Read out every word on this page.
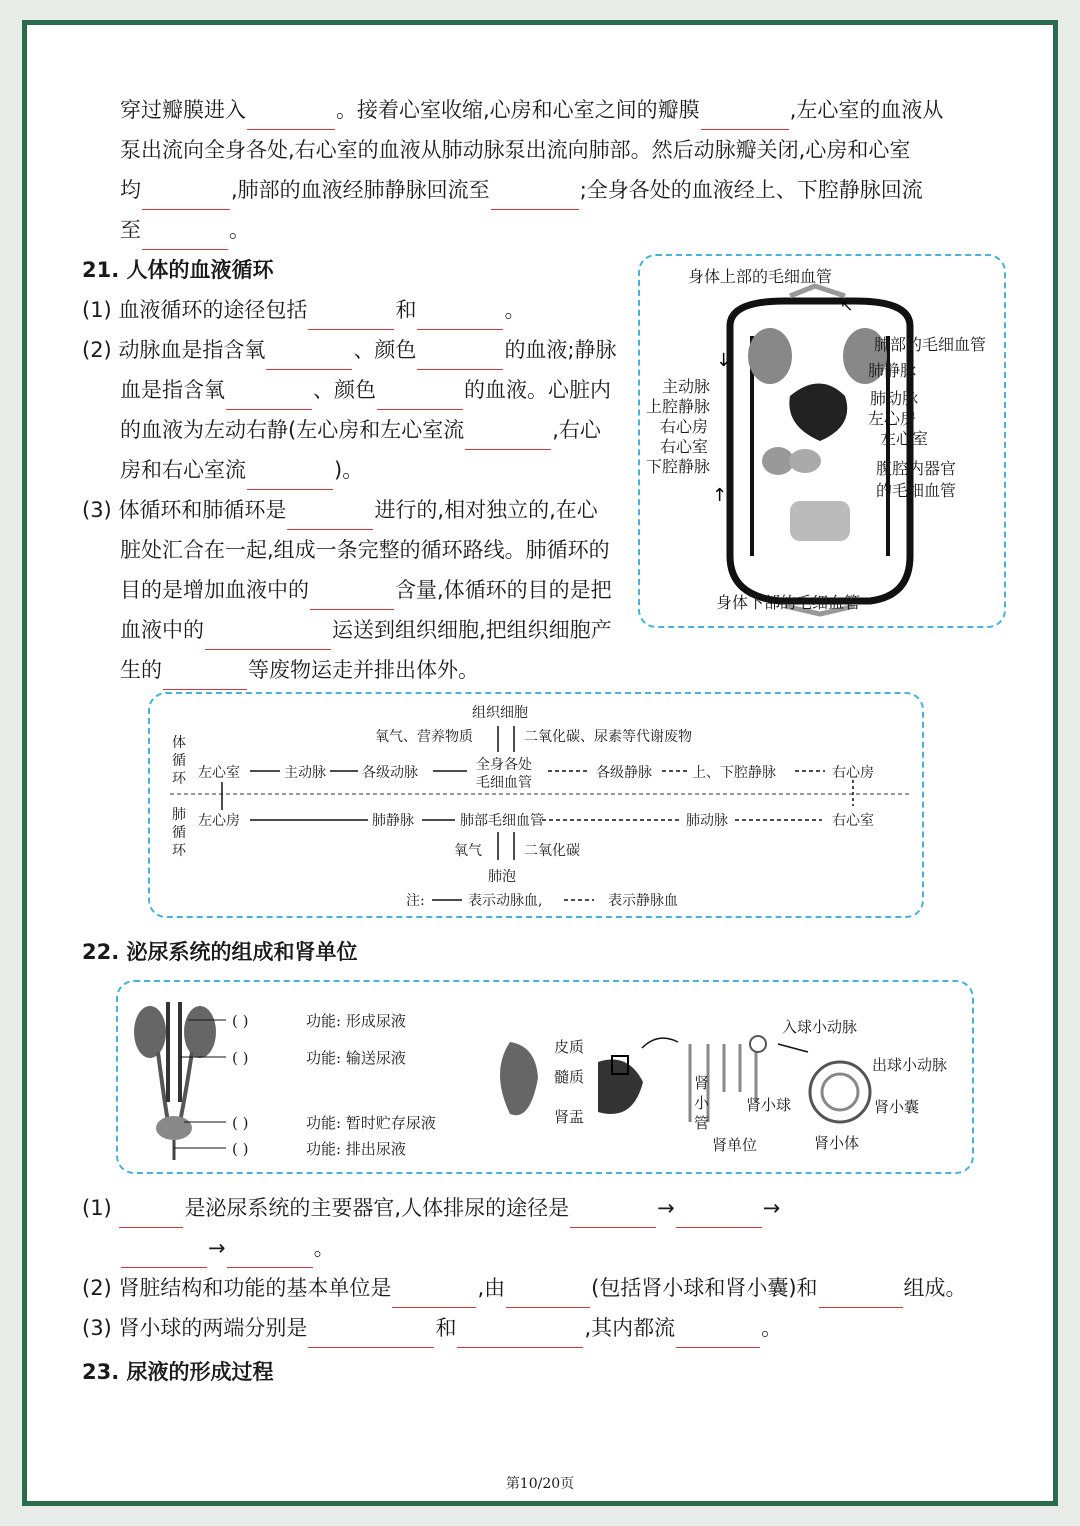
穿过瓣膜进入	。接着心室收缩,心房和心室之间的瓣膜	,左心室的血液从
泵出流向全身各处,右心室的血液从肺动脉泵出流向肺部。然后动脉瓣关闭,心房和心室
均	,肺部的血液经肺静脉回流至	;全身各处的血液经上、下腔静脉回流
至	。
21. 人体的血液循环
(1) 血液循环的途径包括	和	。
(2) 动脉血是指含氧	、颜色	的血液;静脉
血是指含氧	、颜色	的血液。心脏内
的血液为左动右静(左心房和左心室流	,右心
房和右心室流	)。
(3) 体循环和肺循环是	进行的,相对独立的,在心
脏处汇合在一起,组成一条完整的循环路线。肺循环的
目的是增加血液中的	含量,体循环的目的是把
血液中的	运送到组织细胞,把组织细胞产
生的	等废物运走并排出体外。
↓
↑
↖
身体上部的毛细血管
肺部的毛细血管
肺静脉
主动脉
上腔静脉
右心房
右心室
下腔静脉
肺动脉
左心房
左心室
腹腔内器官
的毛细血管
身体下部的毛细血管
组织细胞
氧气、营养物质	二氧化碳、尿素等代谢废物
体
循
环 左心室	主动脉	各级动脉	全身各处
毛细血管
各级静脉	上、下腔静脉	右心房
肺
循
环
左心房	肺静脉	肺部毛细血管	肺动脉	右心室
氧气	二氧化碳
肺泡
注:	表示动脉血,	表示静脉血
22. 泌尿系统的组成和肾单位
( )	功能: 形成尿液
( )	功能: 输送尿液
( )	功能: 暂时贮存尿液
( )	功能: 排出尿液
皮质
髓质
肾盂
入球小动脉
出球小动脉
肾
小
管
肾小球	肾小囊
肾单位	肾小体
(1)	是泌尿系统的主要器官,人体排尿的途径是	→	→
→	。
(2) 肾脏结构和功能的基本单位是	,由	(包括肾小球和肾小囊)和	组成。
(3) 肾小球的两端分别是	和	,其内都流	。
23. 尿液的形成过程
第10/20页
